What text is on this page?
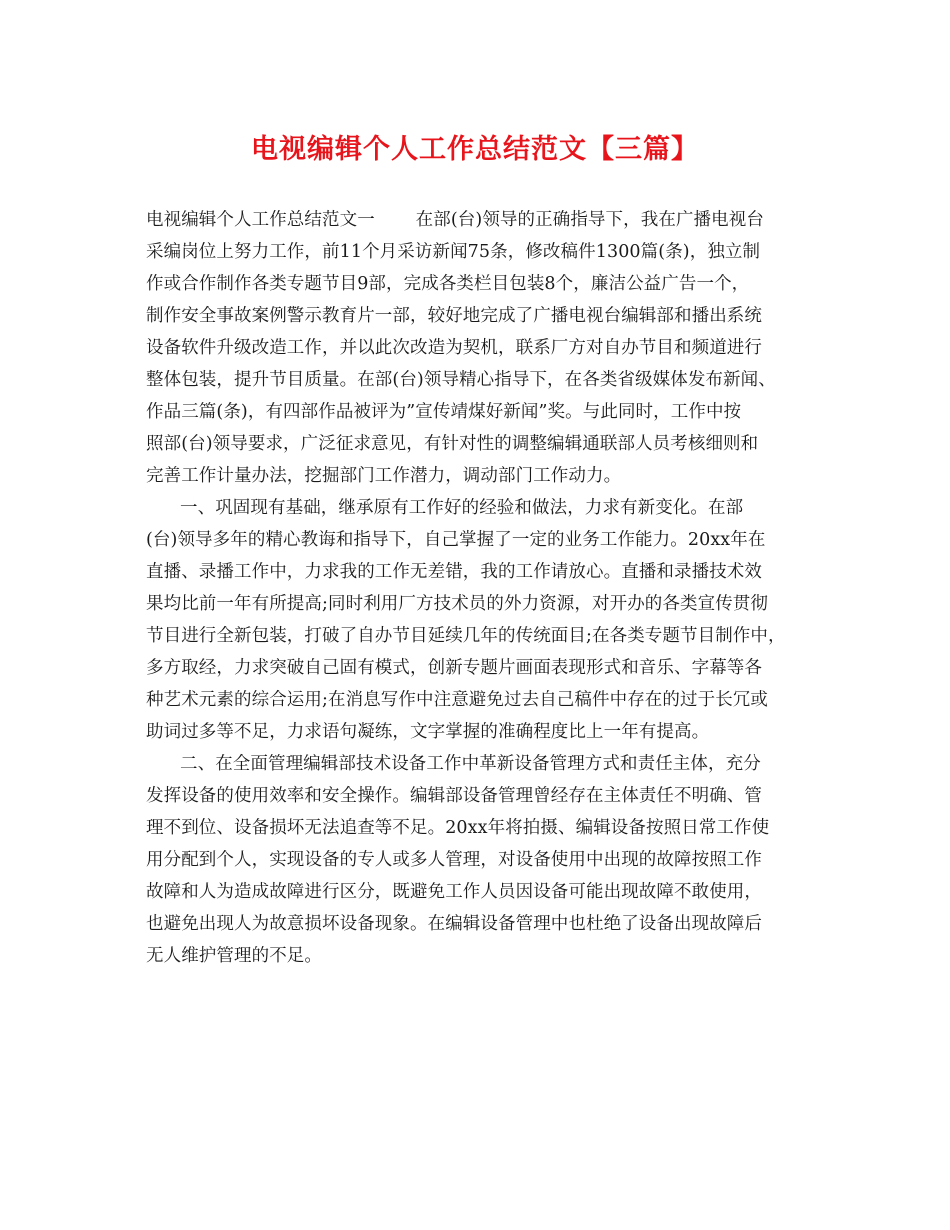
电视编辑个人工作总结范文【三篇】
电视编辑个人工作总结范文一　　 在部(台)领导的正确指导下，我在广播电视台
采编岗位上努力工作，前11个月采访新闻75条，修改稿件1300篇(条)，独立制
作或合作制作各类专题节目9部，完成各类栏目包装8个，廉洁公益广告一个，
制作安全事故案例警示教育片一部，较好地完成了广播电视台编辑部和播出系统
设备软件升级改造工作，并以此次改造为契机，联系厂方对自办节目和频道进行
整体包装，提升节目质量。在部(台)领导精心指导下，在各类省级媒体发布新闻、
作品三篇(条)，有四部作品被评为”宣传靖煤好新闻”奖。与此同时，工作中按
照部(台)领导要求，广泛征求意见，有针对性的调整编辑通联部人员考核细则和
完善工作计量办法，挖掘部门工作潜力，调动部门工作动力。
一、巩固现有基础，继承原有工作好的经验和做法，力求有新变化。在部
(台)领导多年的精心教诲和指导下，自己掌握了一定的业务工作能力。20xx年在
直播、录播工作中，力求我的工作无差错，我的工作请放心。直播和录播技术效
果均比前一年有所提高;同时利用厂方技术员的外力资源，对开办的各类宣传贯彻
节目进行全新包装，打破了自办节目延续几年的传统面目;在各类专题节目制作中，
多方取经，力求突破自己固有模式，创新专题片画面表现形式和音乐、字幕等各
种艺术元素的综合运用;在消息写作中注意避免过去自己稿件中存在的过于长冗或
助词过多等不足，力求语句凝练，文字掌握的准确程度比上一年有提高。
二、在全面管理编辑部技术设备工作中革新设备管理方式和责任主体，充分
发挥设备的使用效率和安全操作。编辑部设备管理曾经存在主体责任不明确、管
理不到位、设备损坏无法追查等不足。20xx年将拍摄、编辑设备按照日常工作使
用分配到个人，实现设备的专人或多人管理，对设备使用中出现的故障按照工作
故障和人为造成故障进行区分，既避免工作人员因设备可能出现故障不敢使用，
也避免出现人为故意损坏设备现象。在编辑设备管理中也杜绝了设备出现故障后
无人维护管理的不足。
